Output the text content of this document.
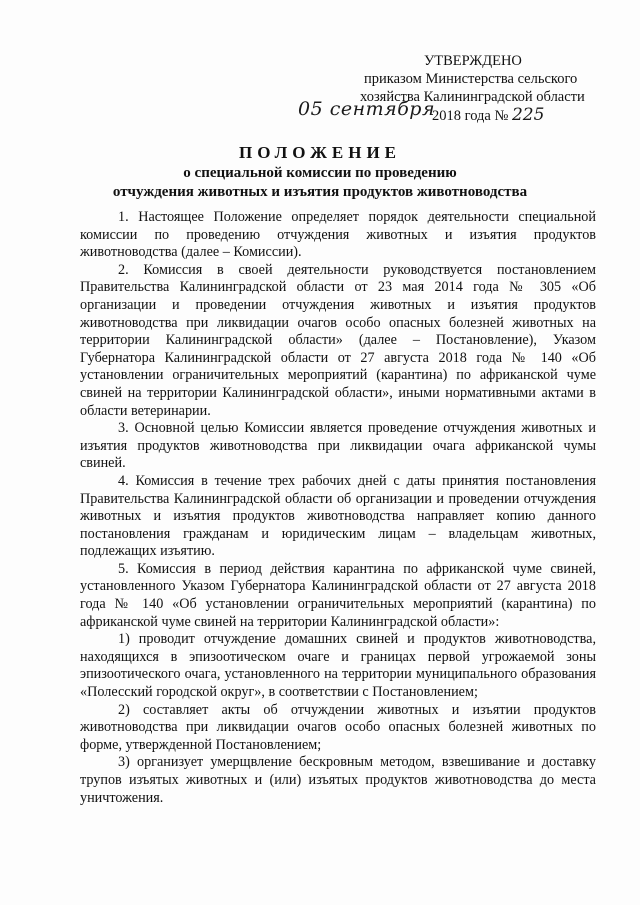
УТВЕРЖДЕНО
приказом Министерства сельского
хозяйства Калининградской области
05 сентября
2018 года № 225
ПОЛОЖЕНИЕ
о специальной комиссии по проведению
отчуждения животных и изъятия продуктов животноводства

1. Настоящее Положение определяет порядок деятельности специальной комиссии по проведению отчуждения животных и изъятия продуктов животноводства (далее – Комиссии).

2. Комиссия в своей деятельности руководствуется постановлением Правительства Калининградской области от 23 мая 2014 года № 305 «Об организации и проведении отчуждения животных и изъятия продуктов животноводства при ликвидации очагов особо опасных болезней животных на территории Калининградской области» (далее – Постановление), Указом Губернатора Калининградской области от 27 августа 2018 года № 140 «Об установлении ограничительных мероприятий (карантина) по африканской чуме свиней на территории Калининградской области», иными нормативными актами в области ветеринарии.

3. Основной целью Комиссии является проведение отчуждения животных и изъятия продуктов животноводства при ликвидации очага африканской чумы свиней.

4. Комиссия в течение трех рабочих дней с даты принятия постановления Правительства Калининградской области об организации и проведении отчуждения животных и изъятия продуктов животноводства направляет копию данного постановления гражданам и юридическим лицам – владельцам животных, подлежащих изъятию.

5. Комиссия в период действия карантина по африканской чуме свиней, установленного Указом Губернатора Калининградской области от 27 августа 2018 года № 140 «Об установлении ограничительных мероприятий (карантина) по африканской чуме свиней на территории Калининградской области»:

1) проводит отчуждение домашних свиней и продуктов животноводства, находящихся в эпизоотическом очаге и границах первой угрожаемой зоны эпизоотического очага, установленного на территории муниципального образования «Полесский городской округ», в соответствии с Постановлением;

2) составляет акты об отчуждении животных и изъятии продуктов животноводства при ликвидации очагов особо опасных болезней животных по форме, утвержденной Постановлением;

3) организует умерщвление бескровным методом, взвешивание и доставку трупов изъятых животных и (или) изъятых продуктов животноводства до места уничтожения.
